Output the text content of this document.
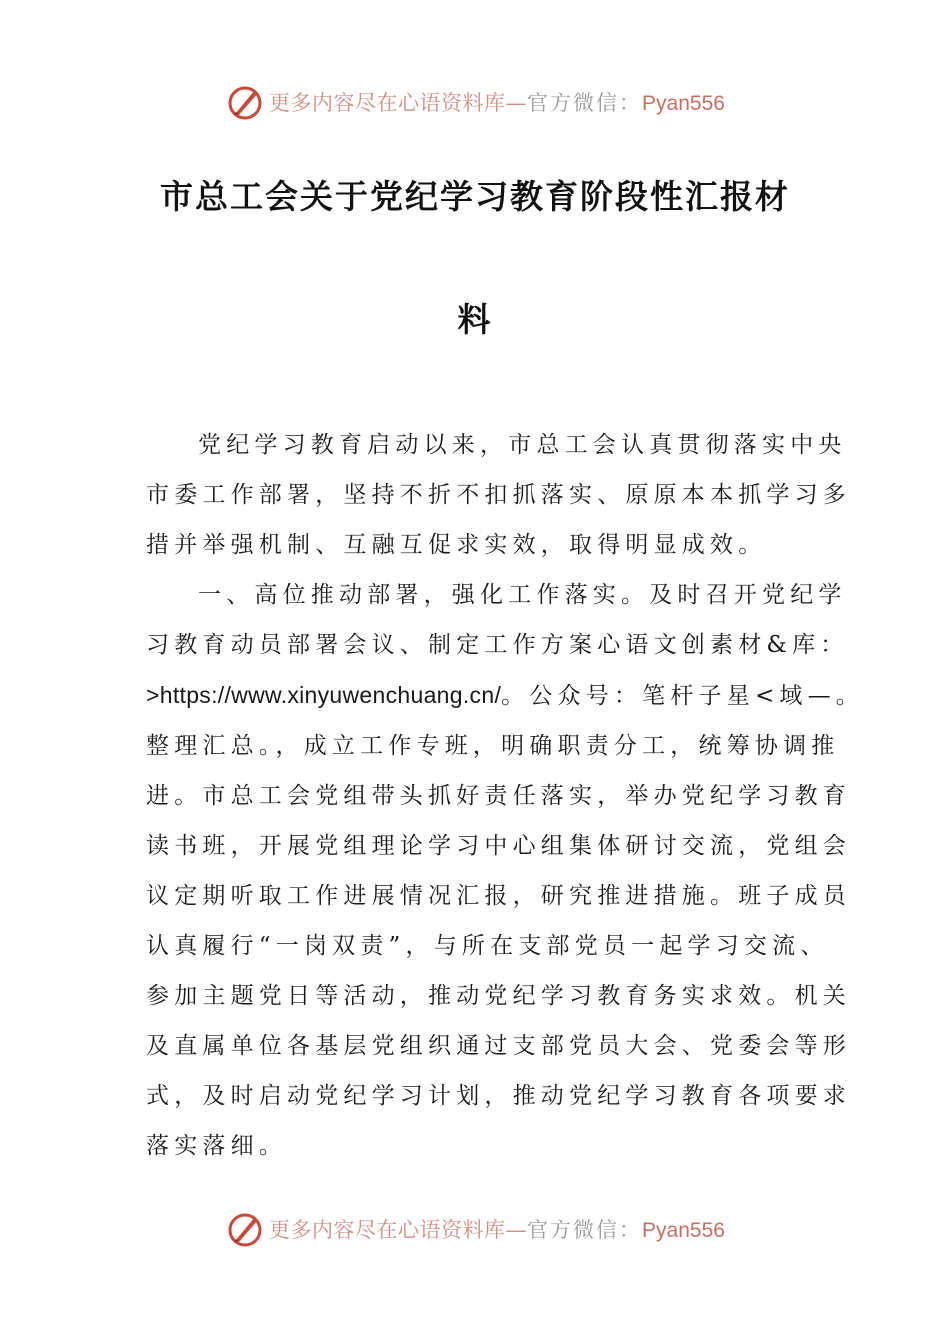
更多内容尽在心语资料库—官方微信：Pyan556
市总工会关于党纪学习教育阶段性汇报材
料

党纪学习教育启动以来，市总工会认真贯彻落实中央
市委工作部署，坚持不折不扣抓落实、原原本本抓学习多
措并举强机制、互融互促求实效，取得明显成效。

一、高位推动部署，强化工作落实。及时召开党纪学
习教育动员部署会议、制定工作方案心语文创素材&库：
>https://www.xinyuwenchuang.cn/。公众号：笔杆子星<域—。
整理汇总。，成立工作专班，明确职责分工，统筹协调推
进。市总工会党组带头抓好责任落实，举办党纪学习教育
读书班，开展党组理论学习中心组集体研讨交流，党组会
议定期听取工作进展情况汇报，研究推进措施。班子成员
认真履行“一岗双责”，与所在支部党员一起学习交流、
参加主题党日等活动，推动党纪学习教育务实求效。机关
及直属单位各基层党组织通过支部党员大会、党委会等形
式，及时启动党纪学习计划，推动党纪学习教育各项要求
落实落细。

更多内容尽在心语资料库—官方微信：Pyan556
